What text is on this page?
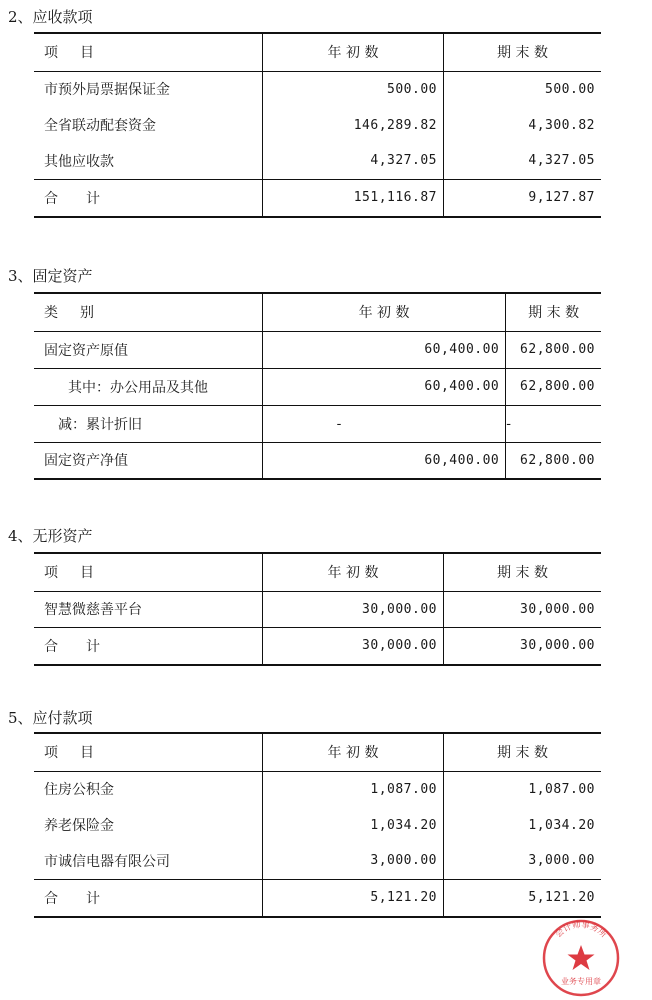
2、应收款项
项　目	年 初 数	期 末 数
市预外局票据保证金	500.00	500.00
全省联动配套资金	146,289.82	4,300.82
其他应收款	4,327.05	4,327.05
合　　计	151,116.87	9,127.87
3、固定资产
类　别	年 初 数	期 末 数
固定资产原值	60,400.00	62,800.00
其中：办公用品及其他	60,400.00	62,800.00
减：累计折旧	-	-
固定资产净值	60,400.00	62,800.00
4、无形资产
项　目	年 初 数	期 末 数
智慧微慈善平台	30,000.00	30,000.00
合　　计	30,000.00	30,000.00
5、应付款项
项　目	年 初 数	期 末 数
住房公积金	1,087.00	1,087.00
养老保险金	1,034.20	1,034.20
市诚信电器有限公司	3,000.00	3,000.00
合　　计	5,121.20	5,121.20
会计师事务所
业务专用章
